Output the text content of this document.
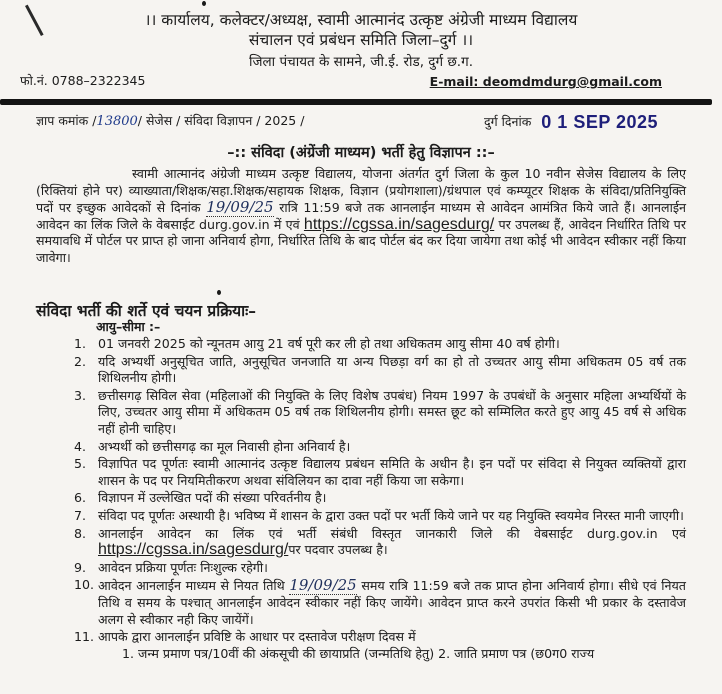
।। कार्यालय, कलेक्टर/अध्यक्ष, स्वामी आत्मानंद उत्कृष्ट अंग्रेजी माध्यम विद्यालय
संचालन एवं प्रबंधन समिति जिला–दुर्ग ।।
जिला पंचायत के सामने, जी.ई. रोड, दुर्ग छ.ग.
फो.नं. 0788–2322345	E-mail: deomdmdurg@gmail.com
ज्ञाप कमांक /13800/ सेजेस / संविदा विज्ञापन / 2025 /	दुर्ग दिनांक 0 1 SEP 2025
–:: संविदा (अंग्रेंजी माध्यम) भर्ती हेतु विज्ञापन ::–
स्वामी आत्मानंद अंग्रेजी माध्यम उत्कृष्ट विद्यालय, योजना अंतर्गत दुर्ग जिला के कुल 10 नवीन सेजेस विद्यालय के लिए (रिक्तियां होने पर) व्याख्याता/शिक्षक/सहा.शिक्षक/सहायक शिक्षक, विज्ञान (प्रयोगशाला)/ग्रंथपाल एवं कम्प्यूटर शिक्षक के संविदा/प्रतिनियुक्ति पदों पर इच्छुक आवेदकों से दिनांक 19/09/25 रात्रि 11:59 बजे तक आनलाईन माध्यम से आवेदन आमंत्रित किये जाते हैं। आनलाईन आवेदन का लिंक जिले के वेबसाईट durg.gov.in में एवं https://cgssa.in/sagesdurg/ पर उपलब्ध हैं, आवेदन निर्धारित तिथि पर समयावधि में पोर्टल पर प्राप्त हो जाना अनिवार्य होगा, निर्धारित तिथि के बाद पोर्टल बंद कर दिया जायेगा तथा कोई भी आवेदन स्वीकार नहीं किया जावेगा।
संविदा भर्ती की शर्ते एवं चयन प्रक्रियाः–
आयु–सीमा :–
1. 01 जनवरी 2025 को न्यूनतम आयु 21 वर्ष पूरी कर ली हो तथा अधिकतम आयु सीमा 40 वर्ष होगी।
2. यदि अभ्यर्थी अनुसूचित जाति, अनुसूचित जनजाति या अन्य पिछड़ा वर्ग का हो तो उच्चतर आयु सीमा अधिकतम 05 वर्ष तक शिथिलनीय होगी।
3. छत्तीसगढ़ सिविल सेवा (महिलाओं की नियुक्ति के लिए विशेष उपबंध) नियम 1997 के उपबंधों के अनुसार महिला अभ्यर्थियों के लिए, उच्चतर आयु सीमा में अधिकतम 05 वर्ष तक शिथिलनीय होगी। समस्त छूट को सम्मिलित करते हुए आयु 45 वर्ष से अधिक नहीं होनी चाहिए।
4. अभ्यर्थी को छत्तीसगढ़ का मूल निवासी होना अनिवार्य है।
5. विज्ञापित पद पूर्णतः स्वामी आत्मानंद उत्कृष्ट विद्यालय प्रबंधन समिति के अधीन है। इन पदों पर संविदा से नियुक्त व्यक्तियों द्वारा शासन के पद पर नियमितीकरण अथवा संविलियन का दावा नहीं किया जा सकेगा।
6. विज्ञापन में उल्लेखित पदों की संख्या परिवर्तनीय है।
7. संविदा पद पूर्णतः अस्थायी है। भविष्य में शासन के द्वारा उक्त पदों पर भर्ती किये जाने पर यह नियुक्ति स्वयमेव निरस्त मानी जाएगी।
8. आनलाईन आवेदन का लिंक एवं भर्ती संबंधी विस्तृत जानकारी जिले की वेबसाईट durg.gov.in एवं https://cgssa.in/sagesdurg/पर पदवार उपलब्ध है।
9. आवेदन प्रक्रिया पूर्णतः निःशुल्क रहेगी।
10. आवेदन आनलाईन माध्यम से नियत तिथि 19/09/25 समय रात्रि 11:59 बजे तक प्राप्त होना अनिवार्य होगा। सीधे एवं नियत तिथि व समय के पश्चात् आनलाईन आवेदन स्वीकार नहीं किए जायेंगे। आवेदन प्राप्त करने उपरांत किसी भी प्रकार के दस्तावेज अलग से स्वीकार नही किए जायेंगें।
11. आपके द्वारा आनलाईन प्रविष्टि के आधार पर दस्तावेज परीक्षण दिवस में
1. जन्म प्रमाण पत्र/10वीं की अंकसूची की छायाप्रति (जन्मतिथि हेतु) 2. जाति प्रमाण पत्र (छ0ग0 राज्य
